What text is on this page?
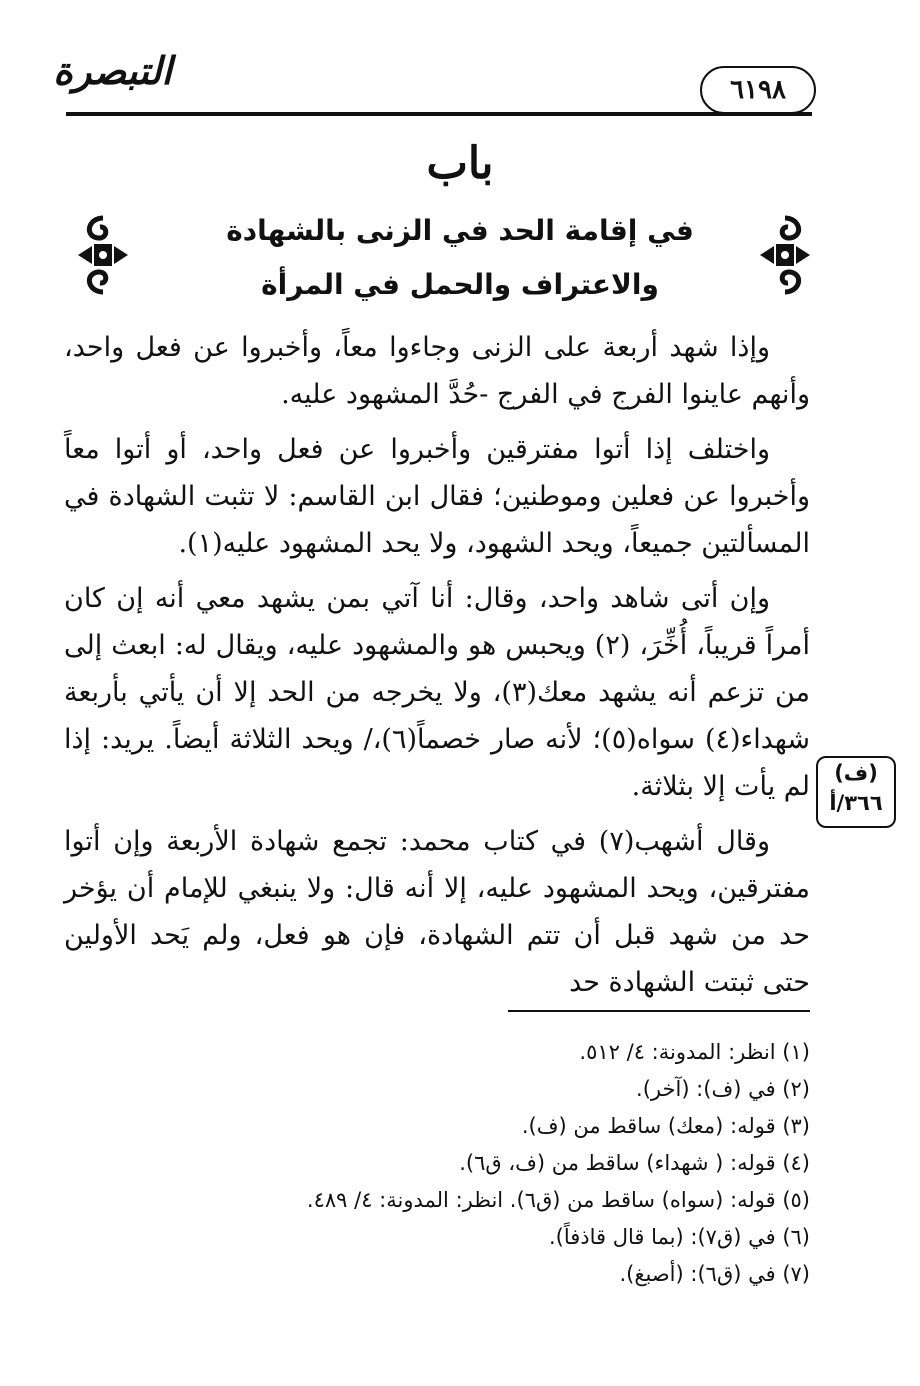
التبصرة	٦١٩٨
باب
في إقامة الحد في الزنى بالشهادة
والاعتراف والحمل في المرأة

وإذا شهد أربعة على الزنى وجاءوا معاً، وأخبروا عن فعل واحد، وأنهم عاينوا الفرج في الفرج -حُدَّ المشهود عليه.

واختلف إذا أتوا مفترقين وأخبروا عن فعل واحد، أو أتوا معاً وأخبروا عن فعلين وموطنين؛ فقال ابن القاسم: لا تثبت الشهادة في المسألتين جميعاً، ويحد الشهود، ولا يحد المشهود عليه(١).

وإن أتى شاهد واحد، وقال: أنا آتي بمن يشهد معي أنه إن كان أمراً قريباً، أُخِّرَ، (٢) ويحبس هو والمشهود عليه، ويقال له: ابعث إلى من تزعم أنه يشهد معك(٣)، ولا يخرجه من الحد إلا أن يأتي بأربعة شهداء(٤) سواه(٥)؛ لأنه صار خصماً(٦)،/ ويحد الثلاثة أيضاً. يريد: إذا لم يأت إلا بثلاثة.

وقال أشهب(٧) في كتاب محمد: تجمع شهادة الأربعة وإن أتوا مفترقين، ويحد المشهود عليه، إلا أنه قال: ولا ينبغي للإمام أن يؤخر حد من شهد قبل أن تتم الشهادة، فإن هو فعل، ولم يَحد الأولين حتى ثبتت الشهادة حد

(ف)
٣٦٦/أ
(١) انظر: المدونة: ٤/ ٥١٢.
(٢) في (ف): (آخر).
(٣) قوله: (معك) ساقط من (ف).
(٤) قوله: ( شهداء) ساقط من (ف، ق٦).
(٥) قوله: (سواه) ساقط من (ق٦). انظر: المدونة: ٤/ ٤٨٩.
(٦) في (ق٧): (بما قال قاذفاً).
(٧) في (ق٦): (أصبغ).
